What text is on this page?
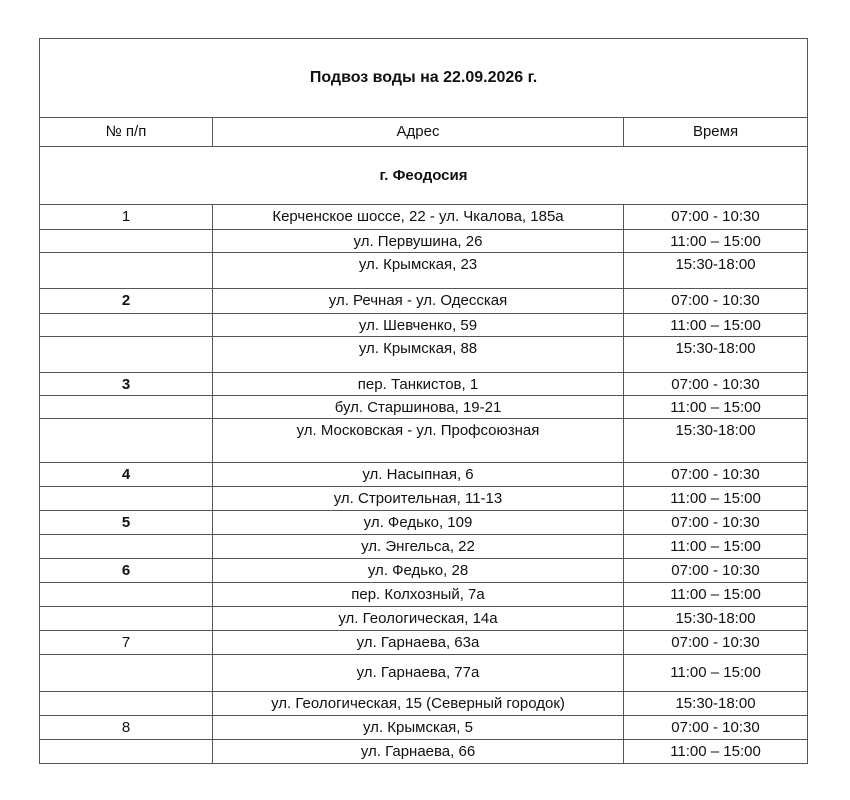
Подвоз воды на 22.09.2026 г.		
№ п/п	Адрес	Время
г. Феодосия		
1	Керченское шоссе, 22 - ул. Чкалова, 185а	07:00 - 10:30
	ул. Первушина, 26	11:00 – 15:00
	ул. Крымская, 23	15:30-18:00
2	ул. Речная - ул. Одесская	07:00 - 10:30
	ул. Шевченко, 59	11:00 – 15:00
	ул. Крымская, 88	15:30-18:00
3	пер. Танкистов, 1	07:00 - 10:30
	бул. Старшинова, 19-21	11:00 – 15:00
	ул. Московская - ул. Профсоюзная	15:30-18:00
4	ул. Насыпная, 6	07:00 - 10:30
	ул. Строительная, 11-13	11:00 – 15:00
5	ул. Федько, 109	07:00 - 10:30
	ул. Энгельса, 22	11:00 – 15:00
6	ул. Федько, 28	07:00 - 10:30
	пер. Колхозный, 7а	11:00 – 15:00
	ул. Геологическая, 14а	15:30-18:00
7	ул. Гарнаева, 63а	07:00 - 10:30
	ул. Гарнаева, 77а	11:00 – 15:00
	ул. Геологическая, 15 (Северный городок)	15:30-18:00
8	ул. Крымская, 5	07:00 - 10:30
	ул. Гарнаева, 66	11:00 – 15:00
